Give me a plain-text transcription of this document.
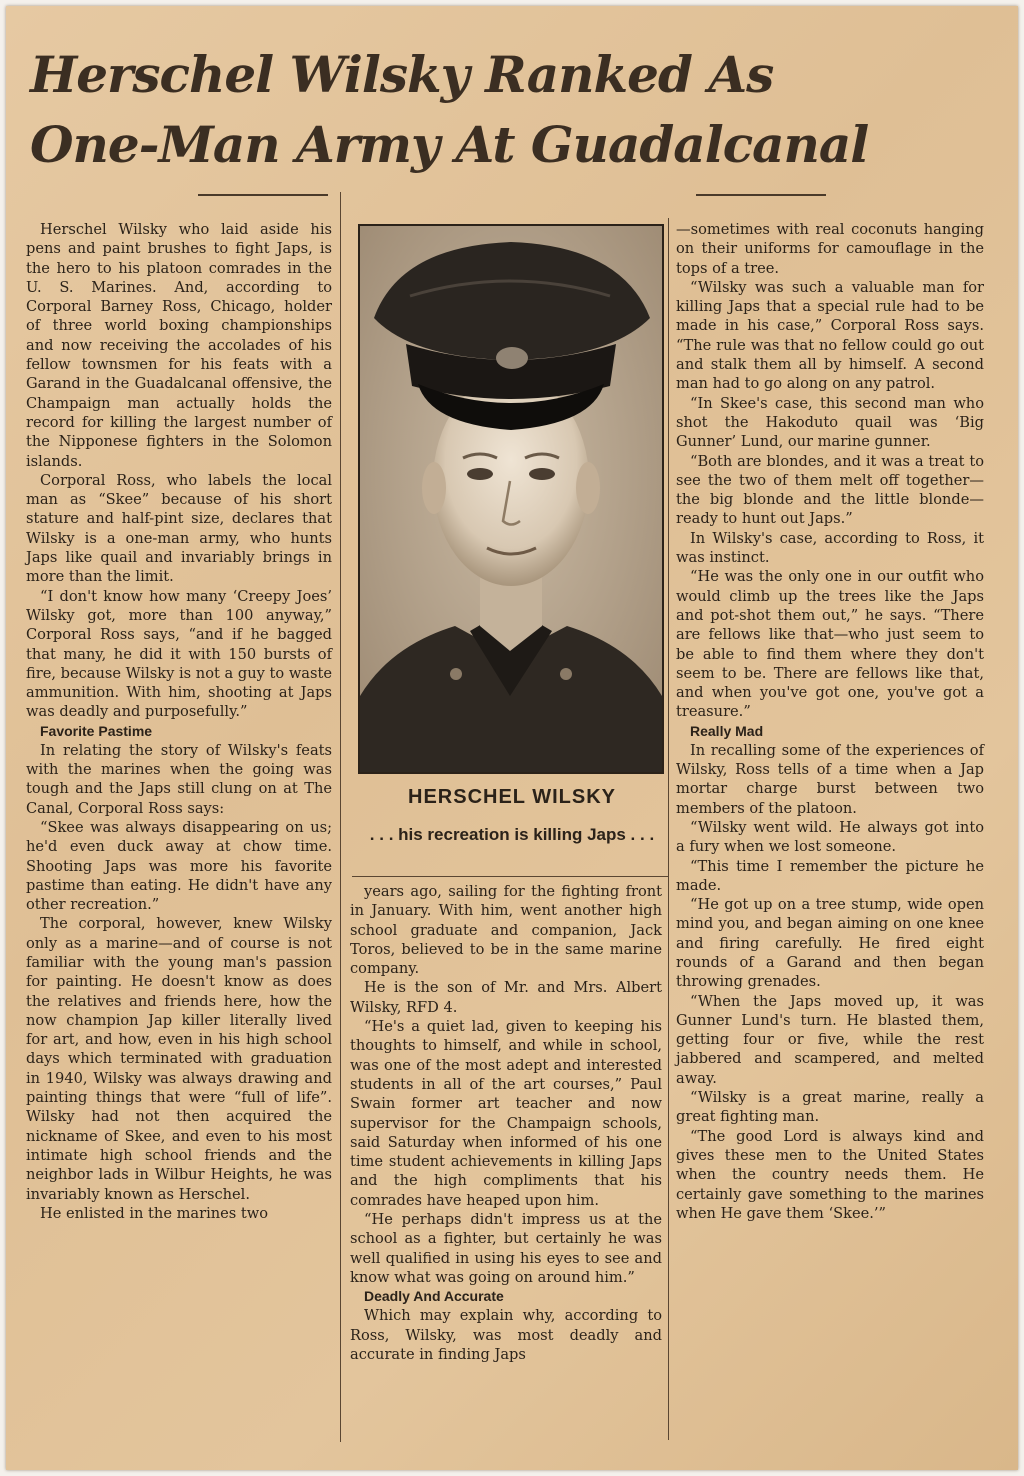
Herschel Wilsky Ranked As
One-Man Army At Guadalcanal

Herschel Wilsky who laid aside his pens and paint brushes to fight Japs, is the hero to his platoon comrades in the U. S. Marines. And, according to Corporal Barney Ross, Chicago, holder of three world boxing championships and now receiving the accolades of his fellow townsmen for his feats with a Garand in the Guadalcanal offensive, the Champaign man actually holds the record for killing the largest number of the Nipponese fighters in the Solomon islands.

Corporal Ross, who labels the local man as “Skee” because of his short stature and half-pint size, declares that Wilsky is a one-man army, who hunts Japs like quail and invariably brings in more than the limit.

“I don't know how many ‘Creepy Joes’ Wilsky got, more than 100 anyway,” Corporal Ross says, “and if he bagged that many, he did it with 150 bursts of fire, because Wilsky is not a guy to waste ammunition. With him, shooting at Japs was deadly and purposefully.”

Favorite Pastime

In relating the story of Wilsky's feats with the marines when the going was tough and the Japs still clung on at The Canal, Corporal Ross says:

“Skee was always disappearing on us; he'd even duck away at chow time. Shooting Japs was more his favorite pastime than eating. He didn't have any other recreation.”

The corporal, however, knew Wilsky only as a marine—and of course is not familiar with the young man's passion for painting. He doesn't know as does the relatives and friends here, how the now champion Jap killer literally lived for art, and how, even in his high school days which terminated with graduation in 1940, Wilsky was always drawing and painting things that were “full of life”. Wilsky had not then acquired the nickname of Skee, and even to his most intimate high school friends and the neighbor lads in Wilbur Heights, he was invariably known as Herschel.

He enlisted in the marines two

HERSCHEL WILSKY

. . . his recreation is killing Japs . . .

years ago, sailing for the fighting front in January. With him, went another high school graduate and companion, Jack Toros, believed to be in the same marine company.

He is the son of Mr. and Mrs. Albert Wilsky, RFD 4.

“He's a quiet lad, given to keeping his thoughts to himself, and while in school, was one of the most adept and interested students in all of the art courses,” Paul Swain former art teacher and now supervisor for the Champaign schools, said Saturday when informed of his one time student achievements in killing Japs and the high compliments that his comrades have heaped upon him.

“He perhaps didn't impress us at the school as a fighter, but certainly he was well qualified in using his eyes to see and know what was going on around him.”

Deadly And Accurate

Which may explain why, according to Ross, Wilsky, was most deadly and accurate in finding Japs

—sometimes with real coconuts hanging on their uniforms for camouflage in the tops of a tree.

“Wilsky was such a valuable man for killing Japs that a special rule had to be made in his case,” Corporal Ross says. “The rule was that no fellow could go out and stalk them all by himself. A second man had to go along on any patrol.

“In Skee's case, this second man who shot the Hakoduto quail was ‘Big Gunner’ Lund, our marine gunner.

“Both are blondes, and it was a treat to see the two of them melt off together—the big blonde and the little blonde—ready to hunt out Japs.”

In Wilsky's case, according to Ross, it was instinct.

“He was the only one in our outfit who would climb up the trees like the Japs and pot-shot them out,” he says. “There are fellows like that—who just seem to be able to find them where they don't seem to be. There are fellows like that, and when you've got one, you've got a treasure.”

Really Mad

In recalling some of the experiences of Wilsky, Ross tells of a time when a Jap mortar charge burst between two members of the platoon.

“Wilsky went wild. He always got into a fury when we lost someone.

“This time I remember the picture he made.

“He got up on a tree stump, wide open mind you, and began aiming on one knee and firing carefully. He fired eight rounds of a Garand and then began throwing grenades.

“When the Japs moved up, it was Gunner Lund's turn. He blasted them, getting four or five, while the rest jabbered and scampered, and melted away.

“Wilsky is a great marine, really a great fighting man.

“The good Lord is always kind and gives these men to the United States when the country needs them. He certainly gave something to the marines when He gave them ‘Skee.’”
